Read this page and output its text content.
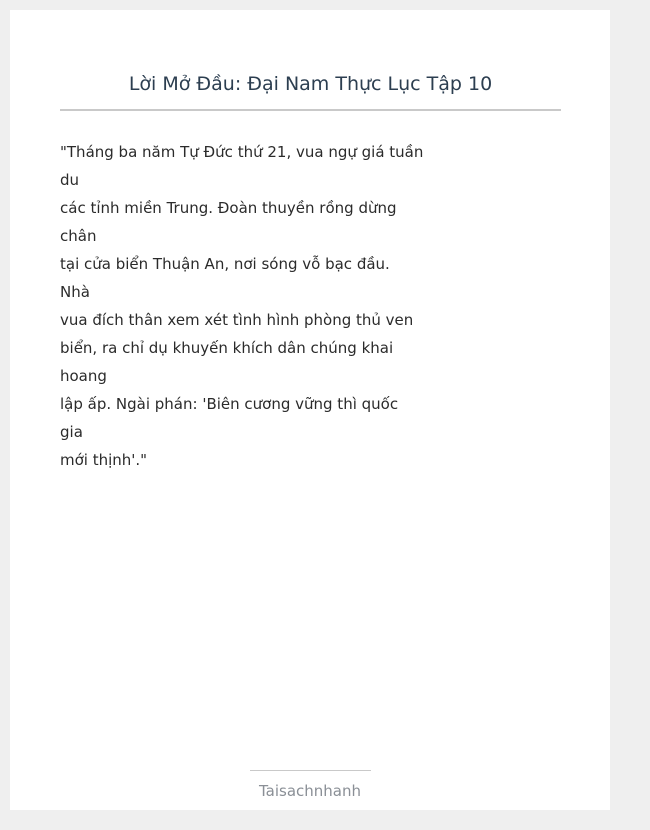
Lời Mở Đầu: Đại Nam Thực Lục Tập 10
"Tháng ba năm Tự Đức thứ 21, vua ngự giá tuần
du
các tỉnh miền Trung. Đoàn thuyền rồng dừng
chân
tại cửa biển Thuận An, nơi sóng vỗ bạc đầu.
Nhà
vua đích thân xem xét tình hình phòng thủ ven
biển, ra chỉ dụ khuyến khích dân chúng khai
hoang
lập ấp. Ngài phán: 'Biên cương vững thì quốc
gia
mới thịnh'."
Taisachnhanh
